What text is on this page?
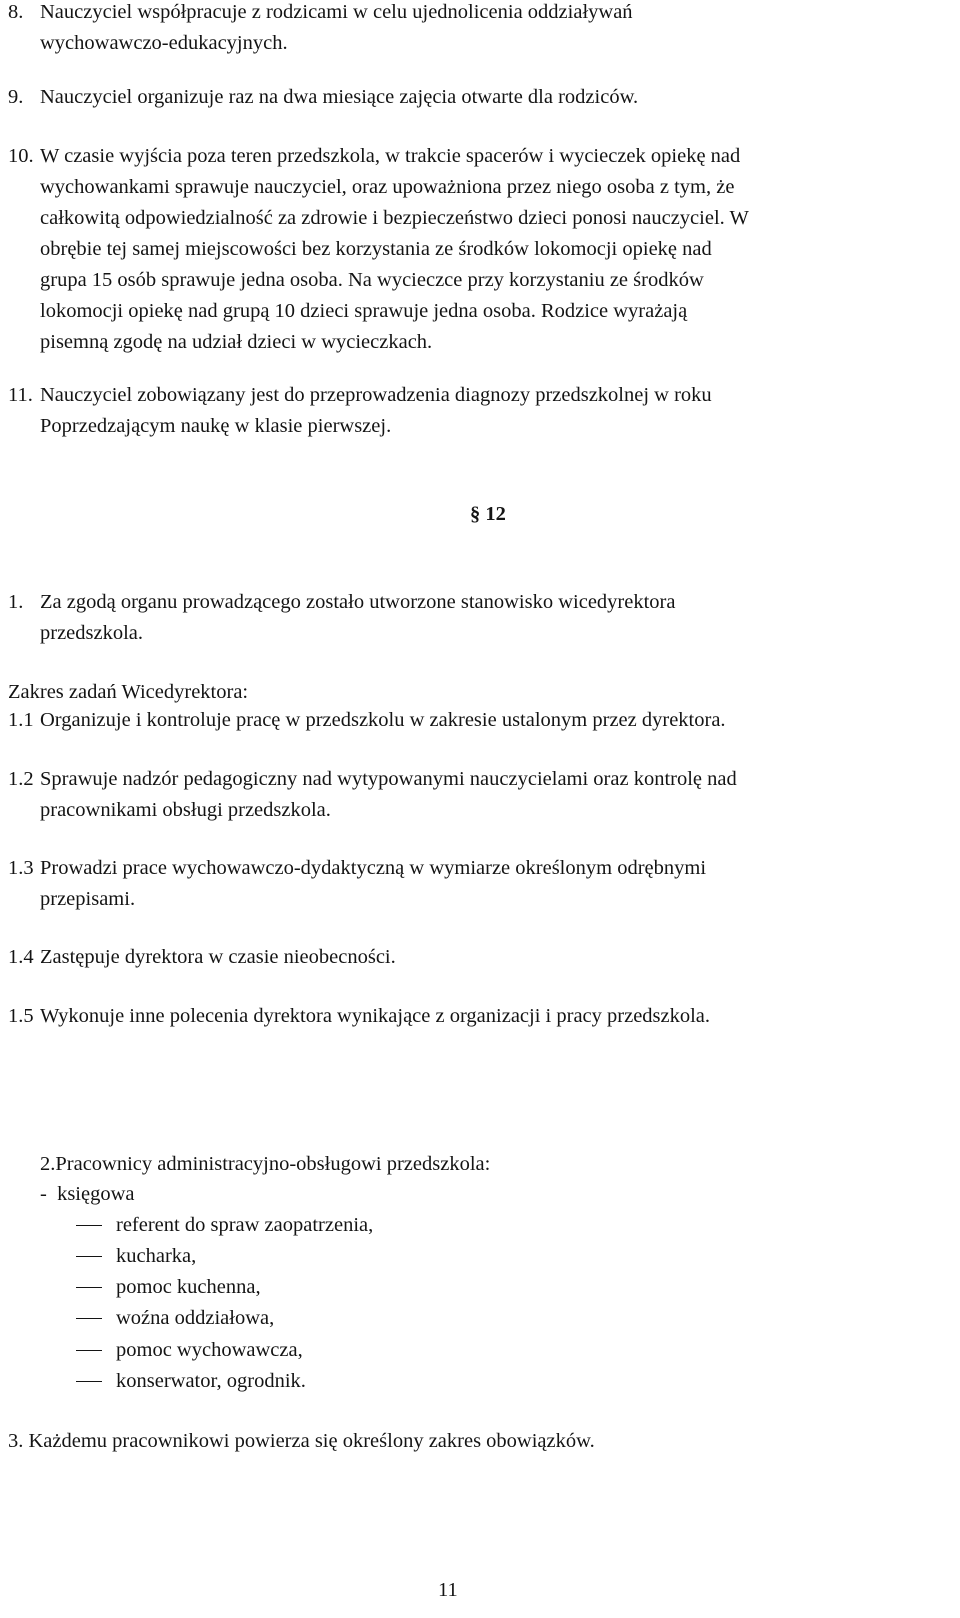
8. Nauczyciel współpracuje z rodzicami w celu ujednolicenia oddziaływań
wychowawczo-edukacyjnych.
9. Nauczyciel organizuje raz na dwa miesiące zajęcia otwarte dla rodziców.
10. W czasie wyjścia poza teren przedszkola, w trakcie spacerów i wycieczek opiekę nad
wychowankami sprawuje nauczyciel, oraz upoważniona przez niego osoba z tym, że
całkowitą odpowiedzialność za zdrowie i bezpieczeństwo dzieci ponosi nauczyciel. W
obrębie tej samej miejscowości bez korzystania ze środków lokomocji opiekę nad
grupa 15 osób sprawuje jedna osoba. Na wycieczce przy korzystaniu ze środków
lokomocji opiekę nad grupą 10 dzieci sprawuje jedna osoba. Rodzice wyrażają
pisemną zgodę na udział dzieci w wycieczkach.
11. Nauczyciel zobowiązany jest do przeprowadzenia diagnozy przedszkolnej w roku
Poprzedzającym naukę w klasie pierwszej.
§ 12
1. Za zgodą organu prowadzącego zostało utworzone stanowisko wicedyrektora
przedszkola.
Zakres zadań Wicedyrektora:
1.1 Organizuje i kontroluje pracę w przedszkolu w zakresie ustalonym przez dyrektora.
1.2 Sprawuje nadzór pedagogiczny nad wytypowanymi nauczycielami oraz kontrolę nad
pracownikami obsługi przedszkola.
1.3 Prowadzi prace wychowawczo-dydaktyczną w wymiarze określonym odrębnymi
przepisami.
1.4 Zastępuje dyrektora w czasie nieobecności.
1.5 Wykonuje inne polecenia dyrektora wynikające z organizacji i pracy przedszkola.
2.Pracownicy administracyjno-obsługowi przedszkola:
-  księgowa
referent do spraw zaopatrzenia,
kucharka,
pomoc kuchenna,
woźna oddziałowa,
pomoc wychowawcza,
konserwator, ogrodnik.
3. Każdemu pracownikowi powierza się określony zakres obowiązków.
11
